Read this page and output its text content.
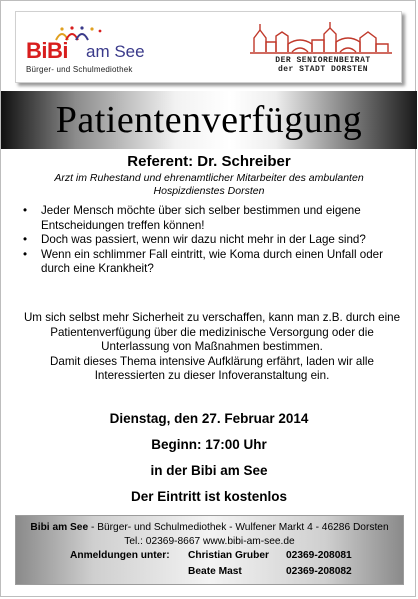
BiBi am See
Bürger- und Schulmediothek
DER SENIORENBEIRAT
der STADT DORSTEN
Patientenverfügung
Referent: Dr. Schreiber
Arzt im Ruhestand und ehrenamtlicher Mitarbeiter des ambulanten Hospizdienstes Dorsten
• Jeder Mensch möchte über sich selber bestimmen und eigene Entscheidungen treffen können!
• Doch was passiert, wenn wir dazu nicht mehr in der Lage sind?
• Wenn ein schlimmer Fall eintritt, wie Koma durch einen Unfall oder durch eine Krankheit?
Um sich selbst mehr Sicherheit zu verschaffen, kann man z.B. durch eine Patientenverfügung über die medizinische Versorgung oder die Unterlassung von Maßnahmen bestimmen.
Damit dieses Thema intensive Aufklärung erfährt, laden wir alle Interessierten zu dieser Infoveranstaltung ein.
Dienstag, den 27. Februar 2014
Beginn: 17:00 Uhr
in der Bibi am See
Der Eintritt ist kostenlos
Bibi am See - Bürger- und Schulmediothek - Wulfener Markt 4 - 46286 Dorsten
Tel.: 02369-8667 www.bibi-am-see.de
Anmeldungen unter: Christian Gruber 02369-208081
Beate Mast	02369-208082
